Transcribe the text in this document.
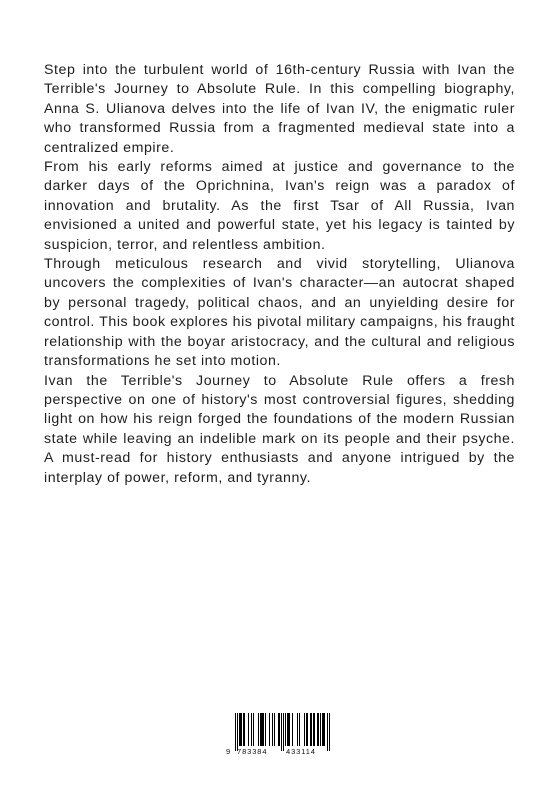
Step into the turbulent world of 16th-century Russia with Ivan the Terrible's Journey to Absolute Rule. In this compelling biography, Anna S. Ulianova delves into the life of Ivan IV, the enigmatic ruler who transformed Russia from a fragmented medieval state into a centralized empire.

From his early reforms aimed at justice and governance to the darker days of the Oprichnina, Ivan's reign was a paradox of innovation and brutality. As the first Tsar of All Russia, Ivan envisioned a united and powerful state, yet his legacy is tainted by suspicion, terror, and relentless ambition.

Through meticulous research and vivid storytelling, Ulianova uncovers the complexities of Ivan's character—an autocrat shaped by personal tragedy, political chaos, and an unyielding desire for control. This book explores his pivotal military campaigns, his fraught relationship with the boyar aristocracy, and the cultural and religious transformations he set into motion.

Ivan the Terrible's Journey to Absolute Rule offers a fresh perspective on one of history's most controversial figures, shedding light on how his reign forged the foundations of the modern Russian state while leaving an indelible mark on its people and their psyche. A must-read for history enthusiasts and anyone intrigued by the interplay of power, reform, and tyranny.

9 783384 433114
